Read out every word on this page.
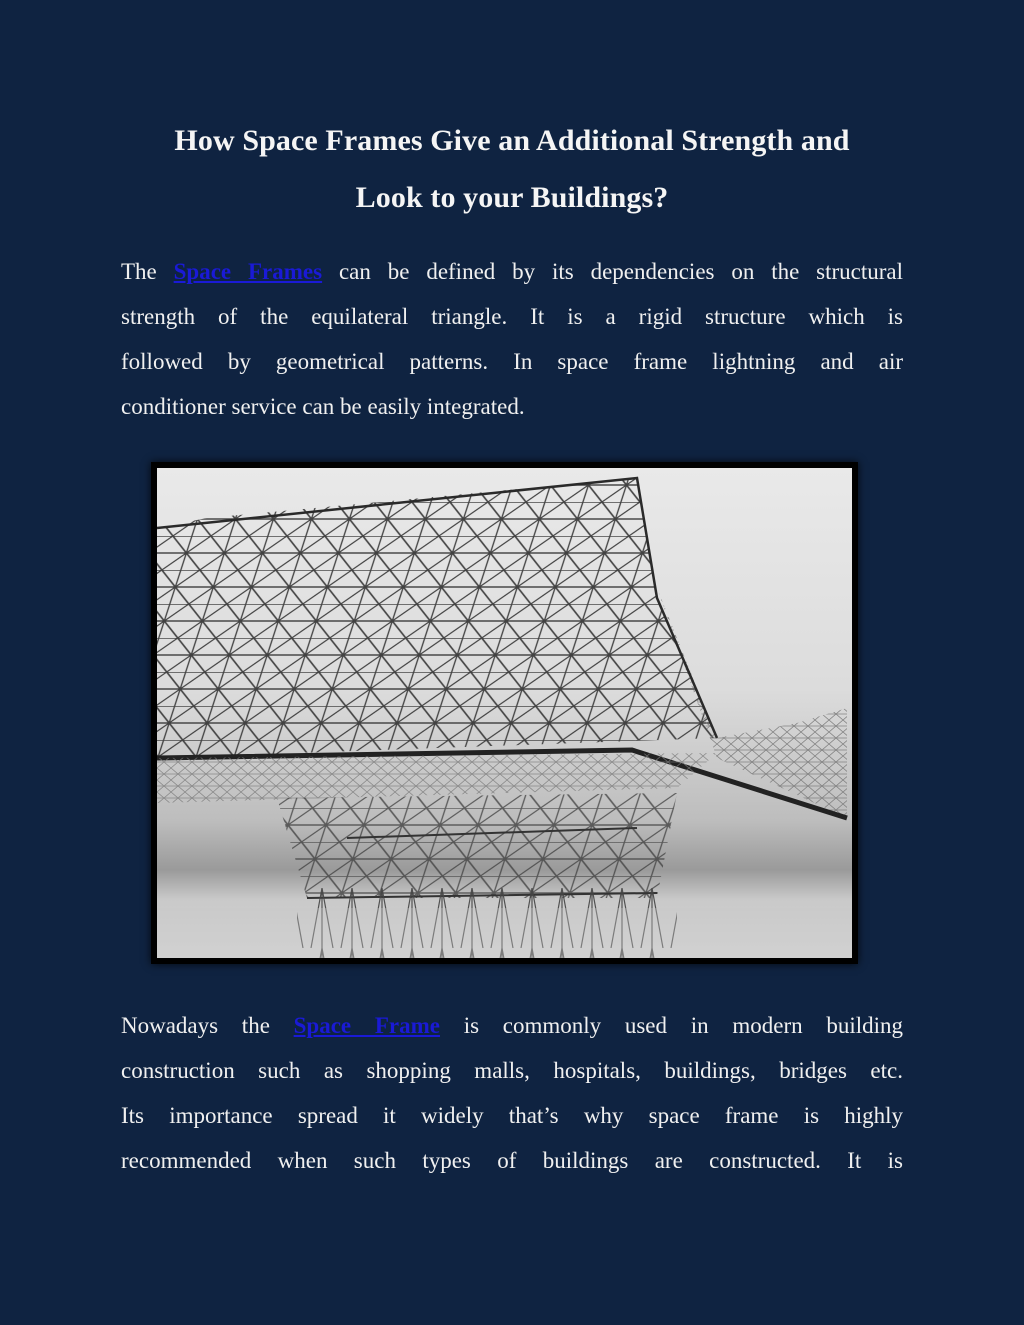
How Space Frames Give an Additional Strength and
Look to your Buildings?
The Space Frames can be defined by its dependencies on the structural
strength of the equilateral triangle. It is a rigid structure which is
followed by geometrical patterns. In space frame lightning and air
conditioner service can be easily integrated.
Nowadays the Space Frame is commonly used in modern building
construction such as shopping malls, hospitals, buildings, bridges etc.
Its importance spread it widely that’s why space frame is highly
recommended when such types of buildings are constructed. It is
